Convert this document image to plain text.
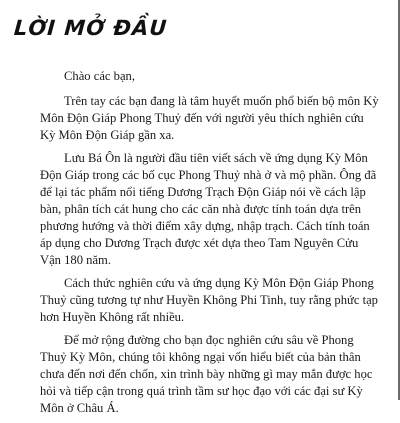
LỜI MỞ ĐẦU

Chào các bạn,

Trên tay các bạn đang là tâm huyết muốn phổ biến bộ môn Kỳ Môn Độn Giáp Phong Thuỷ đến với người yêu thích nghiên cứu Kỳ Môn Độn Giáp gần xa.

Lưu Bá Ôn là người đầu tiên viết sách về ứng dụng Kỳ Môn Độn Giáp trong các bố cục Phong Thuỷ nhà ở và mộ phần. Ông đã để lại tác phẩm nổi tiếng Dương Trạch Độn Giáp nói về cách lập bàn, phân tích cát hung cho các căn nhà được tính toán dựa trên phương hướng và thời điểm xây dựng, nhập trạch. Cách tính toán áp dụng cho Dương Trạch được xét dựa theo Tam Nguyên Cửu Vận 180 năm.

Cách thức nghiên cứu và ứng dụng Kỳ Môn Độn Giáp Phong Thuỷ cũng tương tự như Huyền Không Phi Tinh, tuy rằng phức tạp hơn Huyền Không rất nhiều.

Để mở rộng đường cho bạn đọc nghiên cứu sâu về Phong Thuỷ Kỳ Môn, chúng tôi không ngại vốn hiểu biết của bản thân chưa đến nơi đến chốn, xin trình bày những gì may mắn được học hỏi và tiếp cận trong quá trình tầm sư học đạo với các đại sư Kỳ Môn ở Châu Á.
